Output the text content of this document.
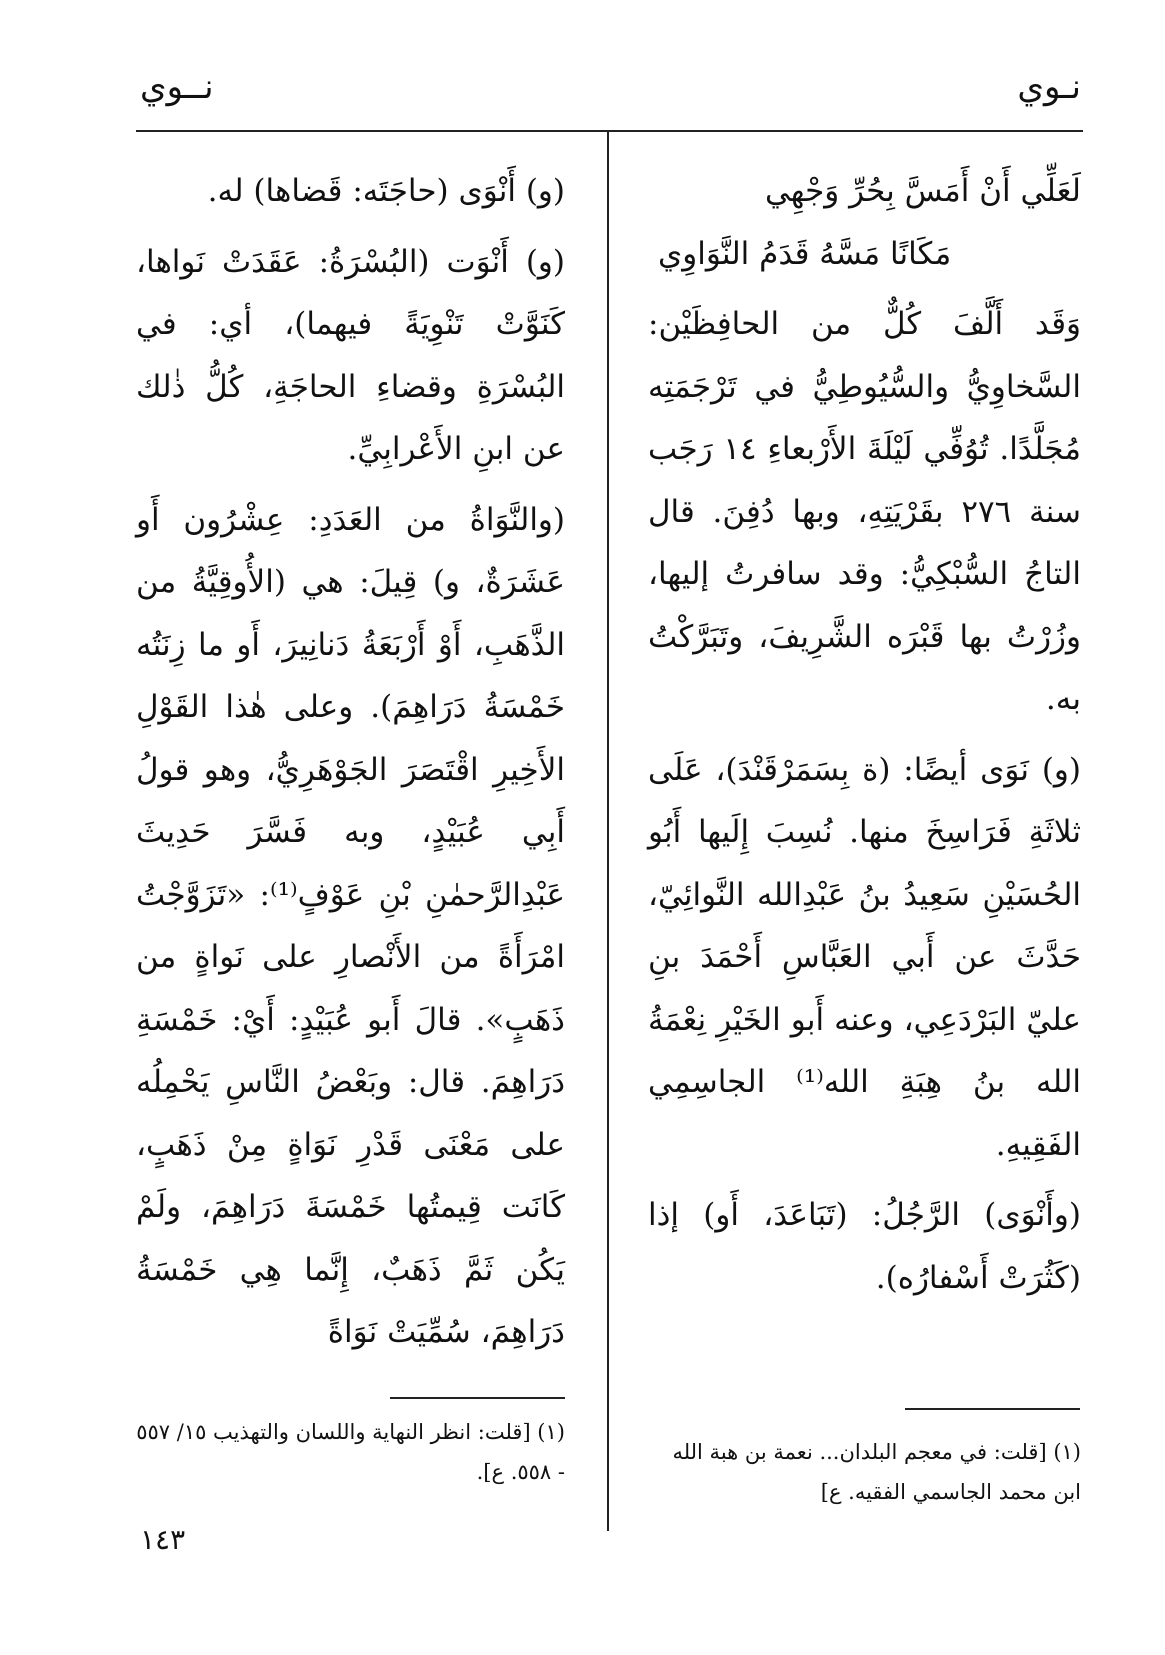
نـوي
نــوي

لَعَلِّي أَنْ أَمَسَّ بِحُرِّ وَجْهِي

مَكَانًا مَسَّهُ قَدَمُ النَّوَاوِي

وَقَد أَلَّفَ كُلٌّ من الحافِظَيْن: السَّخاوِيُّ والسُّيُوطِيُّ في تَرْجَمَتِه مُجَلَّدًا. تُوُفِّي لَيْلَةَ الأَرْبعاءِ ١٤ رَجَب سنة ٢٧٦ بقَرْيَتِهِ، وبها دُفِنَ. قال التاجُ السُّبْكِيُّ: وقد سافرتُ إليها، وزُرْتُ بها قَبْرَه الشَّرِيفَ، وتَبَرَّكْتُ به.

(و) نَوَى أيضًا: (ة بِسَمَرْقَنْدَ)، عَلَى ثلاثَةِ فَرَاسِخَ منها. نُسِبَ إِلَيها أَبُو الحُسَيْنِ سَعِيدُ بنُ عَبْدِالله النَّوائِيّ، حَدَّثَ عن أَبي العَبَّاسِ أَحْمَدَ بنِ عليّ البَرْدَعِي، وعنه أَبو الخَيْرِ نِعْمَةُ الله بنُ هِبَةِ الله⁽¹⁾ الجاسِمِي الفَقِيهِ.

(وأَنْوَى) الرَّجُلُ: (تَبَاعَدَ، أَو) إذا (كَثُرَتْ أَسْفارُه).

(و) أَنْوَى (حاجَتَه: قَضاها) له.

(و) أَنْوَت (البُسْرَةُ: عَقَدَتْ نَواها، كَنَوَّتْ تَنْوِيَةً فيهما)، أي: في البُسْرَةِ وقضاءِ الحاجَةِ، كُلُّ ذٰلك عن ابنِ الأَعْرابِيِّ.

(والنَّوَاةُ من العَدَدِ: عِشْرُون أَو عَشَرَةٌ، و) قِيلَ: هي (الأُوقِيَّةُ من الذَّهَبِ، أَوْ أَرْبَعَةُ دَنانِيرَ، أَو ما زِنَتُه خَمْسَةُ دَرَاهِمَ). وعلى هٰذا القَوْلِ الأَخِيرِ اقْتَصَرَ الجَوْهَرِيُّ، وهو قولُ أَبِي عُبَيْدٍ، وبه فَسَّرَ حَدِيثَ عَبْدِالرَّحمٰنِ بْنِ عَوْفٍ⁽¹⁾: «تَزَوَّجْتُ امْرَأَةً من الأَنْصارِ على نَواةٍ من ذَهَبٍ». قالَ أَبو عُبَيْدٍ: أَيْ: خَمْسَةِ دَرَاهِمَ. قال: وبَعْضُ النَّاسِ يَحْمِلُه على مَعْنَى قَدْرِ نَوَاةٍ مِنْ ذَهَبٍ، كَانَت قِيمتُها خَمْسَةَ دَرَاهِمَ، ولَمْ يَكُن ثَمَّ ذَهَبٌ، إِنَّما هِي خَمْسَةُ دَرَاهِمَ، سُمِّيَتْ نَوَاةً

(١) [قلت: في معجم البلدان... نعمة بن هبة الله ابن محمد الجاسمي الفقيه. ع]
(١) [قلت: انظر النهاية واللسان والتهذيب ١٥/ ٥٥٧ - ٥٥٨. ع].
١٤٣
